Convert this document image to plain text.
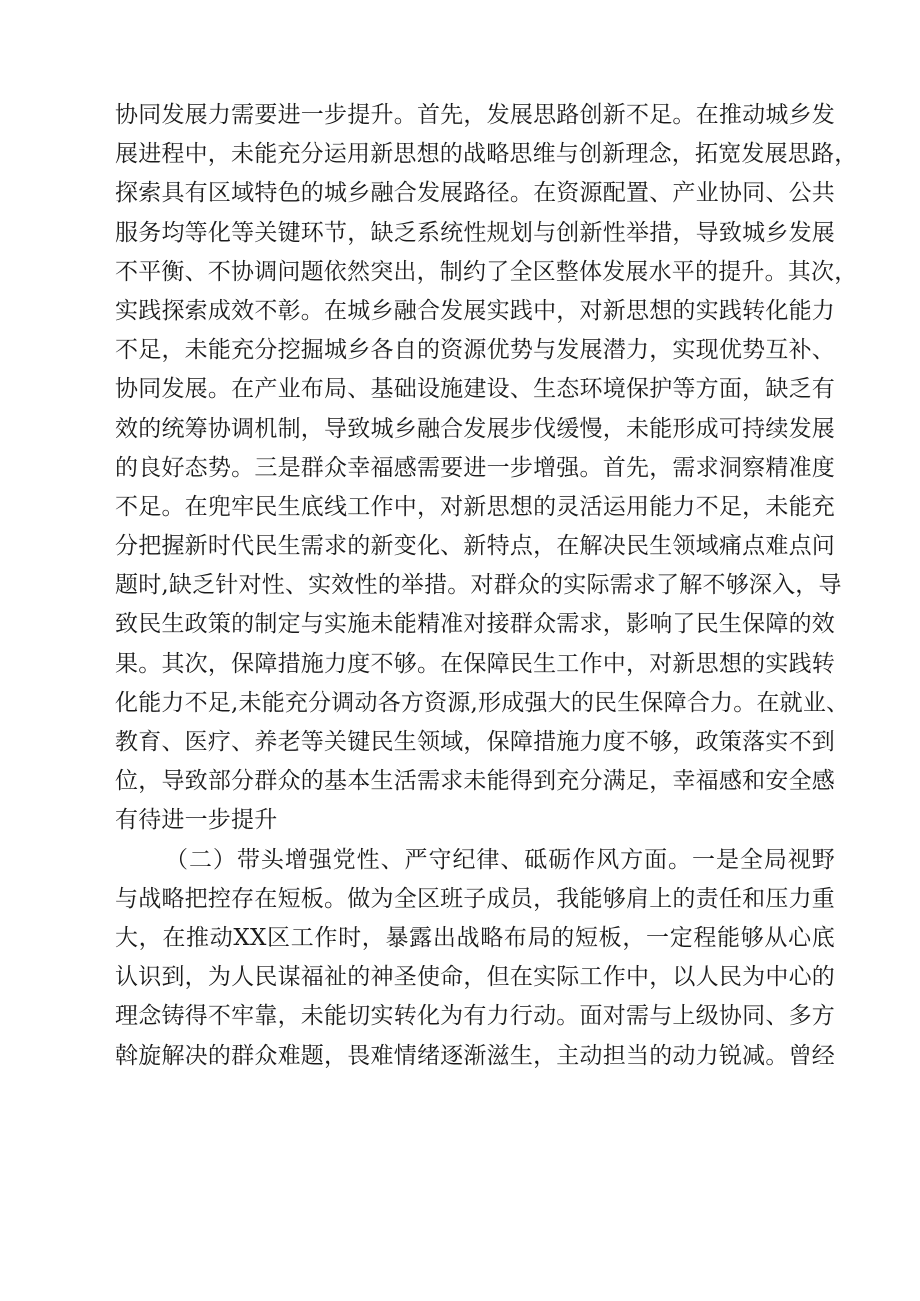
协同发展力需要进一步提升。首先，发展思路创新不足。在推动城乡发
展进程中，未能充分运用新思想的战略思维与创新理念，拓宽发展思路，
探索具有区域特色的城乡融合发展路径。在资源配置、产业协同、公共
服务均等化等关键环节，缺乏系统性规划与创新性举措，导致城乡发展
不平衡、不协调问题依然突出，制约了全区整体发展水平的提升。其次，
实践探索成效不彰。在城乡融合发展实践中，对新思想的实践转化能力
不足，未能充分挖掘城乡各自的资源优势与发展潜力，实现优势互补、
协同发展。在产业布局、基础设施建设、生态环境保护等方面，缺乏有
效的统筹协调机制，导致城乡融合发展步伐缓慢，未能形成可持续发展
的良好态势。三是群众幸福感需要进一步增强。首先，需求洞察精准度
不足。在兜牢民生底线工作中，对新思想的灵活运用能力不足，未能充
分把握新时代民生需求的新变化、新特点，在解决民生领域痛点难点问
题时,缺乏针对性、实效性的举措。对群众的实际需求了解不够深入，导
致民生政策的制定与实施未能精准对接群众需求，影响了民生保障的效
果。其次，保障措施力度不够。在保障民生工作中，对新思想的实践转
化能力不足,未能充分调动各方资源,形成强大的民生保障合力。在就业、
教育、医疗、养老等关键民生领域，保障措施力度不够，政策落实不到
位，导致部分群众的基本生活需求未能得到充分满足，幸福感和安全感
有待进一步提升
（二）带头增强党性、严守纪律、砥砺作风方面。一是全局视野
与战略把控存在短板。做为全区班子成员，我能够肩上的责任和压力重
大，在推动XX区工作时，暴露出战略布局的短板，一定程能够从心底
认识到，为人民谋福祉的神圣使命，但在实际工作中，以人民为中心的
理念铸得不牢靠，未能切实转化为有力行动。面对需与上级协同、多方
斡旋解决的群众难题，畏难情绪逐渐滋生，主动担当的动力锐减。曾经
